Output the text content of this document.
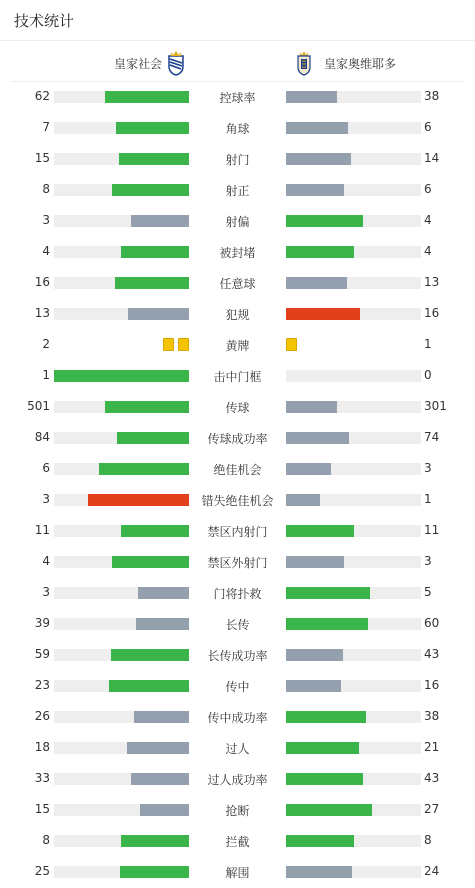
技术统计
皇家社会	皇家奥维耶多
62	控球率	38
7	角球	6
15	射门	14
8	射正	6
3	射偏	4
4	被封堵	4
16	任意球	13
13	犯规	16
2	黄牌	1
1	击中门框	0
501	传球	301
84	传球成功率	74
6	绝佳机会	3
3	错失绝佳机会	1
11	禁区内射门	11
4	禁区外射门	3
3	门将扑救	5
39	长传	60
59	长传成功率	43
23	传中	16
26	传中成功率	38
18	过人	21
33	过人成功率	43
15	抢断	27
8	拦截	8
25	解围	24
